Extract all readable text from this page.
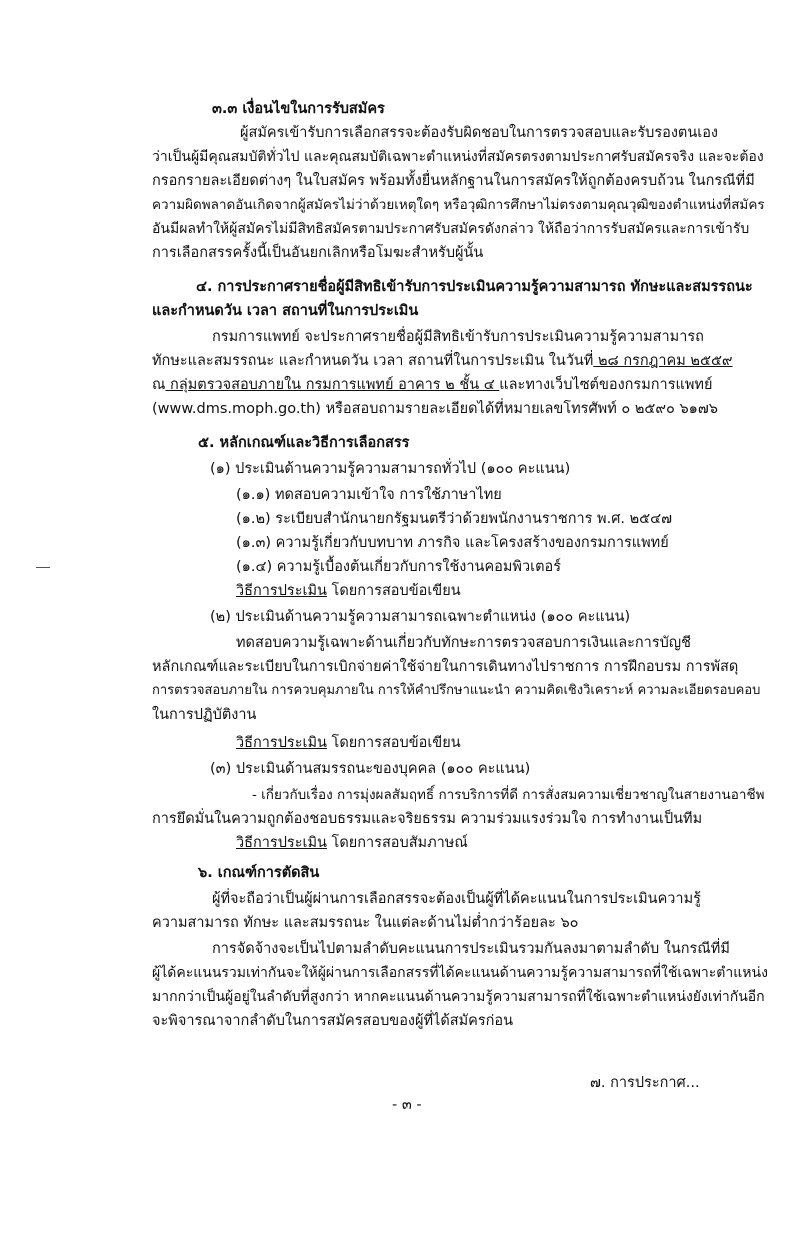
๓.๓ เงื่อนไขในการรับสมัคร
ผู้สมัครเข้ารับการเลือกสรรจะต้องรับผิดชอบในการตรวจสอบและรับรองตนเอง
ว่าเป็นผู้มีคุณสมบัติทั่วไป และคุณสมบัติเฉพาะตำแหน่งที่สมัครตรงตามประกาศรับสมัครจริง และจะต้อง
กรอกรายละเอียดต่างๆ ในใบสมัคร พร้อมทั้งยื่นหลักฐานในการสมัครให้ถูกต้องครบถ้วน ในกรณีที่มี
ความผิดพลาดอันเกิดจากผู้สมัครไม่ว่าด้วยเหตุใดๆ หรือวุฒิการศึกษาไม่ตรงตามคุณวุฒิของตำแหน่งที่สมัคร
อันมีผลทำให้ผู้สมัครไม่มีสิทธิสมัครตามประกาศรับสมัครดังกล่าว ให้ถือว่าการรับสมัครและการเข้ารับ
การเลือกสรรครั้งนี้เป็นอันยกเลิกหรือโมฆะสำหรับผู้นั้น
๔. การประกาศรายชื่อผู้มีสิทธิเข้ารับการประเมินความรู้ความสามารถ ทักษะและสมรรถนะ
และกำหนดวัน เวลา สถานที่ในการประเมิน
กรมการแพทย์ จะประกาศรายชื่อผู้มีสิทธิเข้ารับการประเมินความรู้ความสามารถ
ทักษะและสมรรถนะ และกำหนดวัน เวลา สถานที่ในการประเมิน ในวันที่ ๒๘ กรกฎาคม ๒๕๕๙
ณ กลุ่มตรวจสอบภายใน กรมการแพทย์ อาคาร ๒ ชั้น ๔ และทางเว็บไซต์ของกรมการแพทย์
(www.dms.moph.go.th) หรือสอบถามรายละเอียดได้ที่หมายเลขโทรศัพท์ ๐ ๒๕๙๐ ๖๑๗๖
๕. หลักเกณฑ์และวิธีการเลือกสรร
(๑) ประเมินด้านความรู้ความสามารถทั่วไป (๑๐๐ คะแนน)
(๑.๑) ทดสอบความเข้าใจ การใช้ภาษาไทย
(๑.๒) ระเบียบสำนักนายกรัฐมนตรีว่าด้วยพนักงานราชการ พ.ศ. ๒๕๔๗
(๑.๓) ความรู้เกี่ยวกับบทบาท ภารกิจ และโครงสร้างของกรมการแพทย์
(๑.๔) ความรู้เบื้องต้นเกี่ยวกับการใช้งานคอมพิวเตอร์
วิธีการประเมิน โดยการสอบข้อเขียน
(๒) ประเมินด้านความรู้ความสามารถเฉพาะตำแหน่ง (๑๐๐ คะแนน)
ทดสอบความรู้เฉพาะด้านเกี่ยวกับทักษะการตรวจสอบการเงินและการบัญชี
หลักเกณฑ์และระเบียบในการเบิกจ่ายค่าใช้จ่ายในการเดินทางไปราชการ การฝึกอบรม การพัสดุ
การตรวจสอบภายใน การควบคุมภายใน การให้คำปรึกษาแนะนำ ความคิดเชิงวิเคราะห์ ความละเอียดรอบคอบ
ในการปฏิบัติงาน
วิธีการประเมิน โดยการสอบข้อเขียน
(๓) ประเมินด้านสมรรถนะของบุคคล (๑๐๐ คะแนน)
- เกี่ยวกับเรื่อง การมุ่งผลสัมฤทธิ์ การบริการที่ดี การสั่งสมความเชี่ยวชาญในสายงานอาชีพ
การยึดมั่นในความถูกต้องชอบธรรมและจริยธรรม ความร่วมแรงร่วมใจ การทำงานเป็นทีม
วิธีการประเมิน โดยการสอบสัมภาษณ์
๖. เกณฑ์การตัดสิน
ผู้ที่จะถือว่าเป็นผู้ผ่านการเลือกสรรจะต้องเป็นผู้ที่ได้คะแนนในการประเมินความรู้
ความสามารถ ทักษะ และสมรรถนะ ในแต่ละด้านไม่ต่ำกว่าร้อยละ ๖๐
การจัดจ้างจะเป็นไปตามลำดับคะแนนการประเมินรวมกันลงมาตามลำดับ ในกรณีที่มี
ผู้ได้คะแนนรวมเท่ากันจะให้ผู้ผ่านการเลือกสรรที่ได้คะแนนด้านความรู้ความสามารถที่ใช้เฉพาะตำแหน่ง
มากกว่าเป็นผู้อยู่ในลำดับที่สูงกว่า หากคะแนนด้านความรู้ความสามารถที่ใช้เฉพาะตำแหน่งยังเท่ากันอีก
จะพิจารณาจากลำดับในการสมัครสอบของผู้ที่ได้สมัครก่อน
๗. การประกาศ...
- ๓ -
